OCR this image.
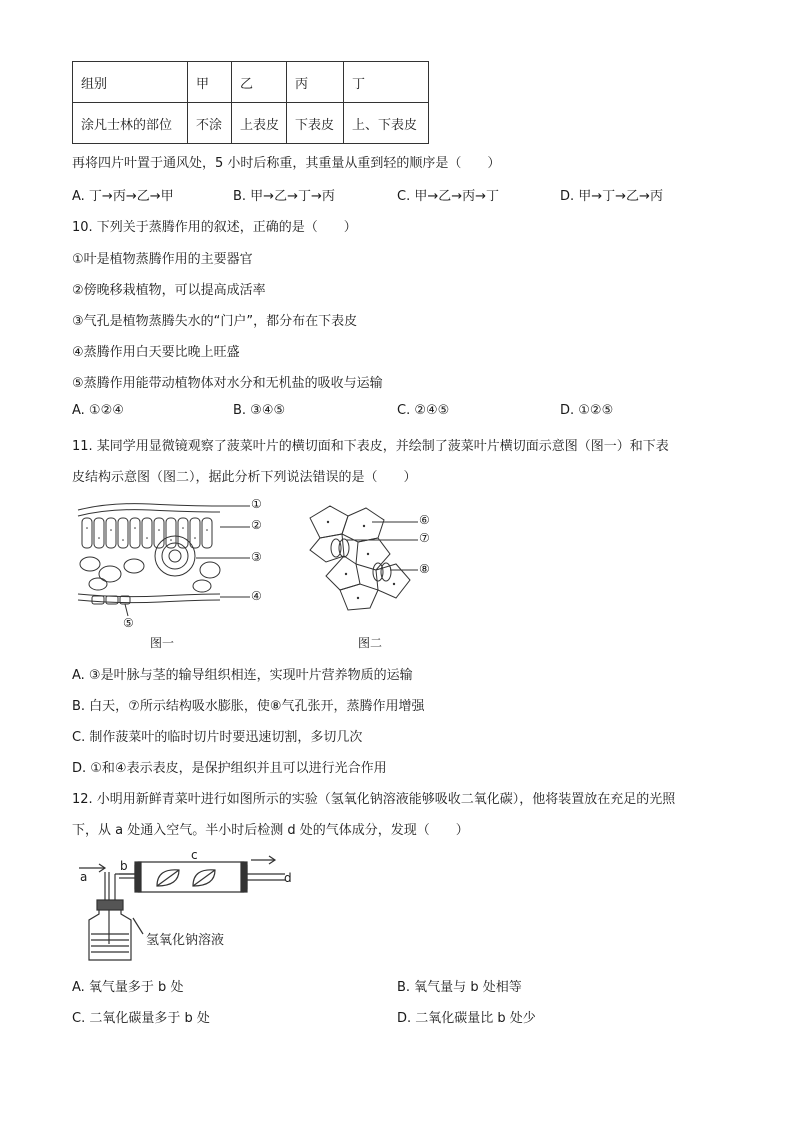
组别	甲	乙	丙	丁
涂凡士林的部位	不涂	上表皮	下表皮	上、下表皮
再将四片叶置于通风处，5 小时后称重，其重量从重到轻的顺序是（　　）
A. 丁→丙→乙→甲	B. 甲→乙→丁→丙	C. 甲→乙→丙→丁	D. 甲→丁→乙→丙
10. 下列关于蒸腾作用的叙述，正确的是（　　）
①叶是植物蒸腾作用的主要器官
②傍晚移栽植物，可以提高成活率
③气孔是植物蒸腾失水的“门户”，都分布在下表皮
④蒸腾作用白天要比晚上旺盛
⑤蒸腾作用能带动植物体对水分和无机盐的吸收与运输
A. ①②④	B. ③④⑤	C. ②④⑤	D. ①②⑤
11. 某同学用显微镜观察了菠菜叶片的横切面和下表皮，并绘制了菠菜叶片横切面示意图（图一）和下表
皮结构示意图（图二），据此分析下列说法错误的是（　　）
①
②
③
④
⑤
图一
⑥
⑦
⑧
图二
A. ③是叶脉与茎的输导组织相连，实现叶片营养物质的运输
B. 白天，⑦所示结构吸水膨胀，使⑧气孔张开，蒸腾作用增强
C. 制作菠菜叶的临时切片时要迅速切割，多切几次
D. ①和④表示表皮，是保护组织并且可以进行光合作用
12. 小明用新鲜青菜叶进行如图所示的实验（氢氧化钠溶液能够吸收二氧化碳），他将装置放在充足的光照
下，从 a 处通入空气。半小时后检测 d 处的气体成分，发现（　　）
a
b
c
d
氢氧化钠溶液
A. 氧气量多于 b 处	B. 氧气量与 b 处相等
C. 二氧化碳量多于 b 处	D. 二氧化碳量比 b 处少
